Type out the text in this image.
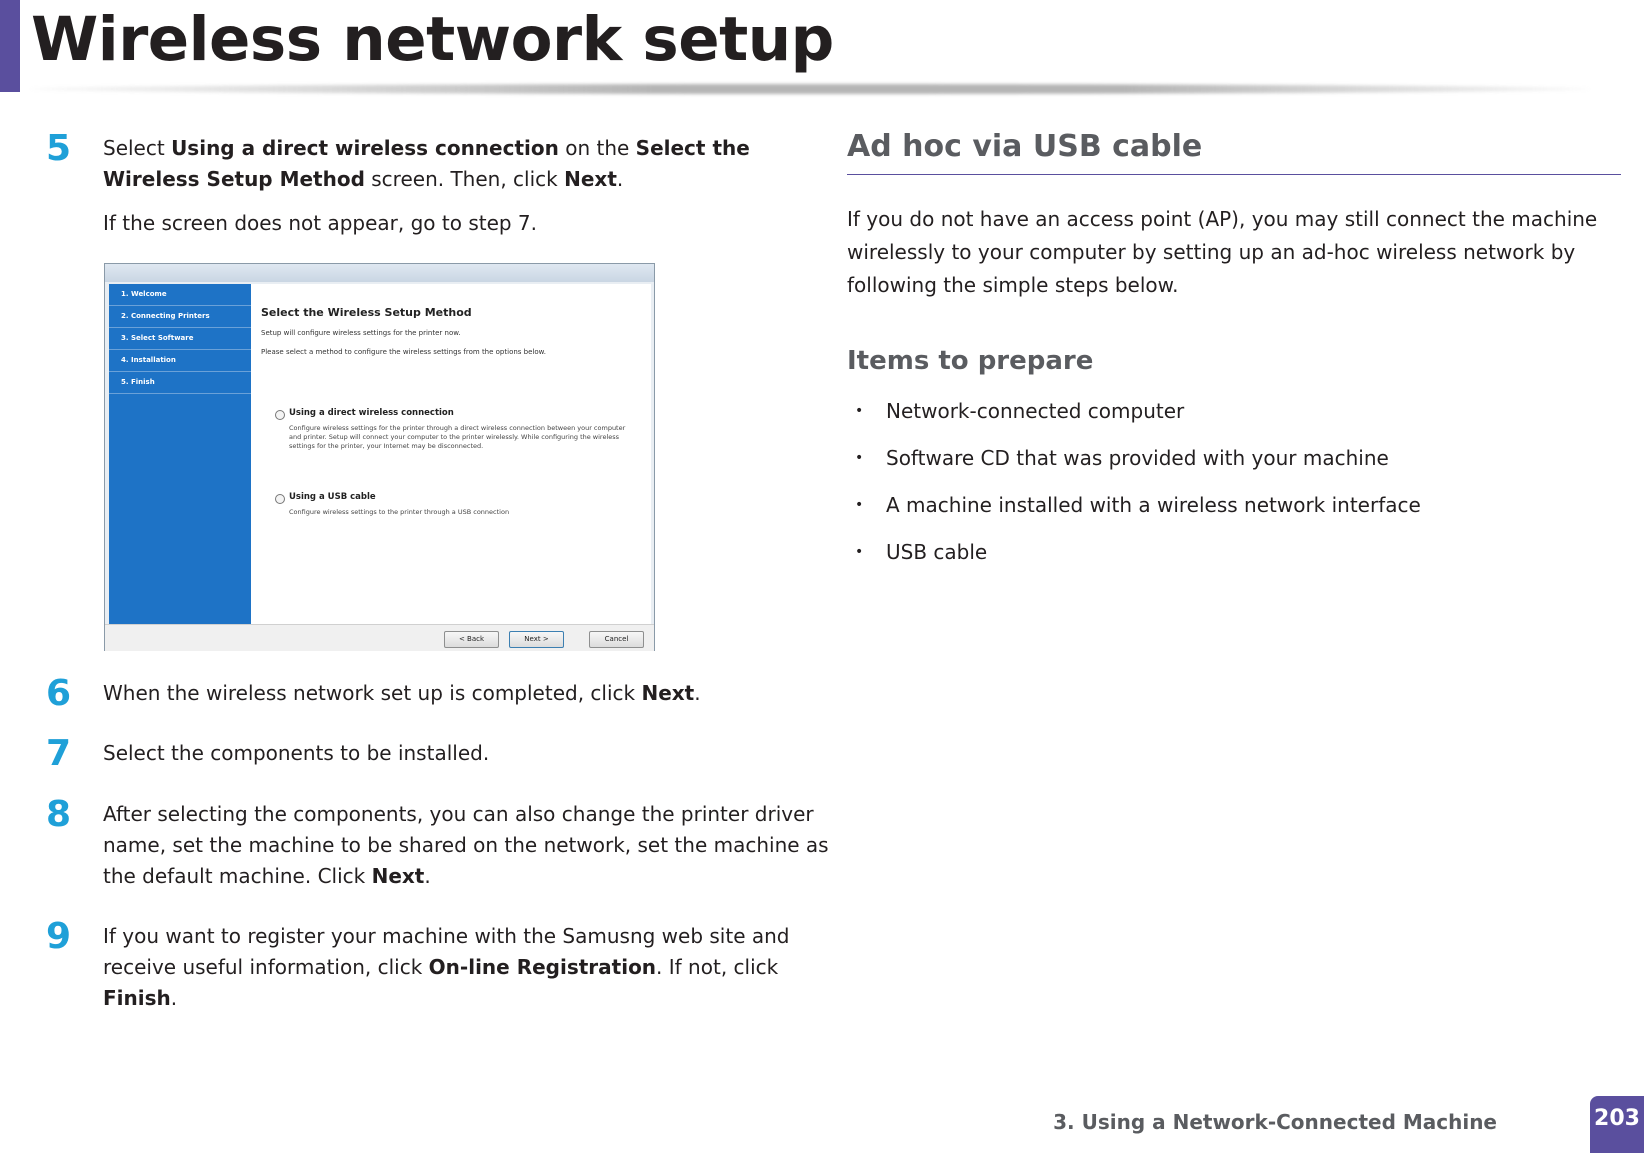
Wireless network setup
5 Select Using a direct wireless connection on the Select the Wireless Setup Method screen. Then, click Next.
If the screen does not appear, go to step 7.
1. Welcome
2. Connecting Printers
3. Select Software
4. Installation
5. Finish
Select the Wireless Setup Method
Setup will configure wireless settings for the printer now.
Please select a method to configure the wireless settings from the options below.
Using a direct wireless connection
Configure wireless settings for the printer through a direct wireless connection between your computer and printer. Setup will connect your computer to the printer wirelessly. While configuring the wireless settings for the printer, your Internet may be disconnected.
Using a USB cable
Configure wireless settings to the printer through a USB connection
< Back	Next >	Cancel
6 When the wireless network set up is completed, click Next.
7 Select the components to be installed.
8 After selecting the components, you can also change the printer driver name, set the machine to be shared on the network, set the machine as the default machine. Click Next.
9 If you want to register your machine with the Samusng web site and receive useful information, click On-line Registration. If not, click Finish.
Ad hoc via USB cable
If you do not have an access point (AP), you may still connect the machine wirelessly to your computer by setting up an ad-hoc wireless network by following the simple steps below.
Items to prepare
• Network-connected computer
• Software CD that was provided with your machine
• A machine installed with a wireless network interface
• USB cable
3. Using a Network-Connected Machine	203
